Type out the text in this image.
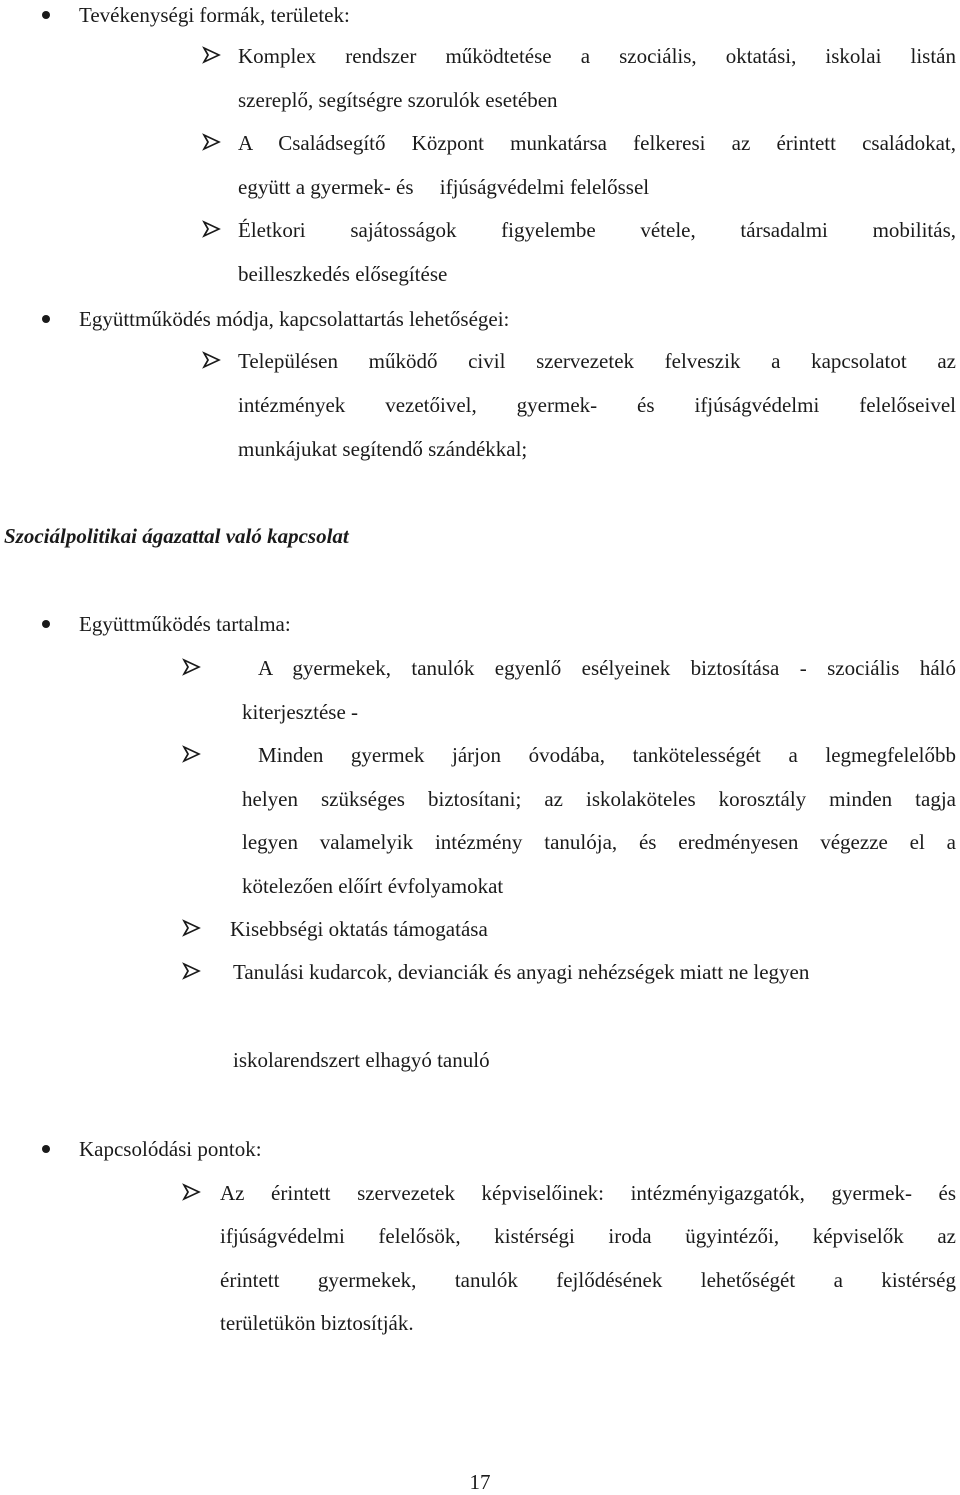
Tevékenységi formák, területek:
Komplex rendszer működtetése a szociális, oktatási, iskolai listán
szereplő, segítségre szorulók esetében
A Családsegítő Központ munkatársa felkeresi az érintett családokat,
együtt a gyermek- és     ifjúságvédelmi felelőssel
Életkori sajátosságok figyelembe vétele, társadalmi mobilitás,
beilleszkedés elősegítése
Együttműködés módja, kapcsolattartás lehetőségei:
Településen működő civil szervezetek felveszik a kapcsolatot az
intézmények vezetőivel, gyermek- és ifjúságvédelmi felelőseivel
munkájukat segítendő szándékkal;
Szociálpolitikai ágazattal való kapcsolat
Együttműködés tartalma:
A gyermekek, tanulók egyenlő esélyeinek biztosítása - szociális háló
kiterjesztése -
Minden gyermek járjon óvodába, tankötelességét a legmegfelelőbb
helyen szükséges biztosítani; az iskolaköteles korosztály minden tagja
legyen valamelyik intézmény tanulója, és eredményesen végezze el a
kötelezően előírt évfolyamokat
Kisebbségi oktatás támogatása
Tanulási kudarcok, devianciák és anyagi nehézségek miatt ne legyen
iskolarendszert elhagyó tanuló
Kapcsolódási pontok:
Az érintett szervezetek képviselőinek: intézményigazgatók, gyermek- és
ifjúságvédelmi felelősök, kistérségi iroda ügyintézői, képviselők az
érintett gyermekek, tanulók fejlődésének lehetőségét a kistérség
területükön biztosítják.
17
